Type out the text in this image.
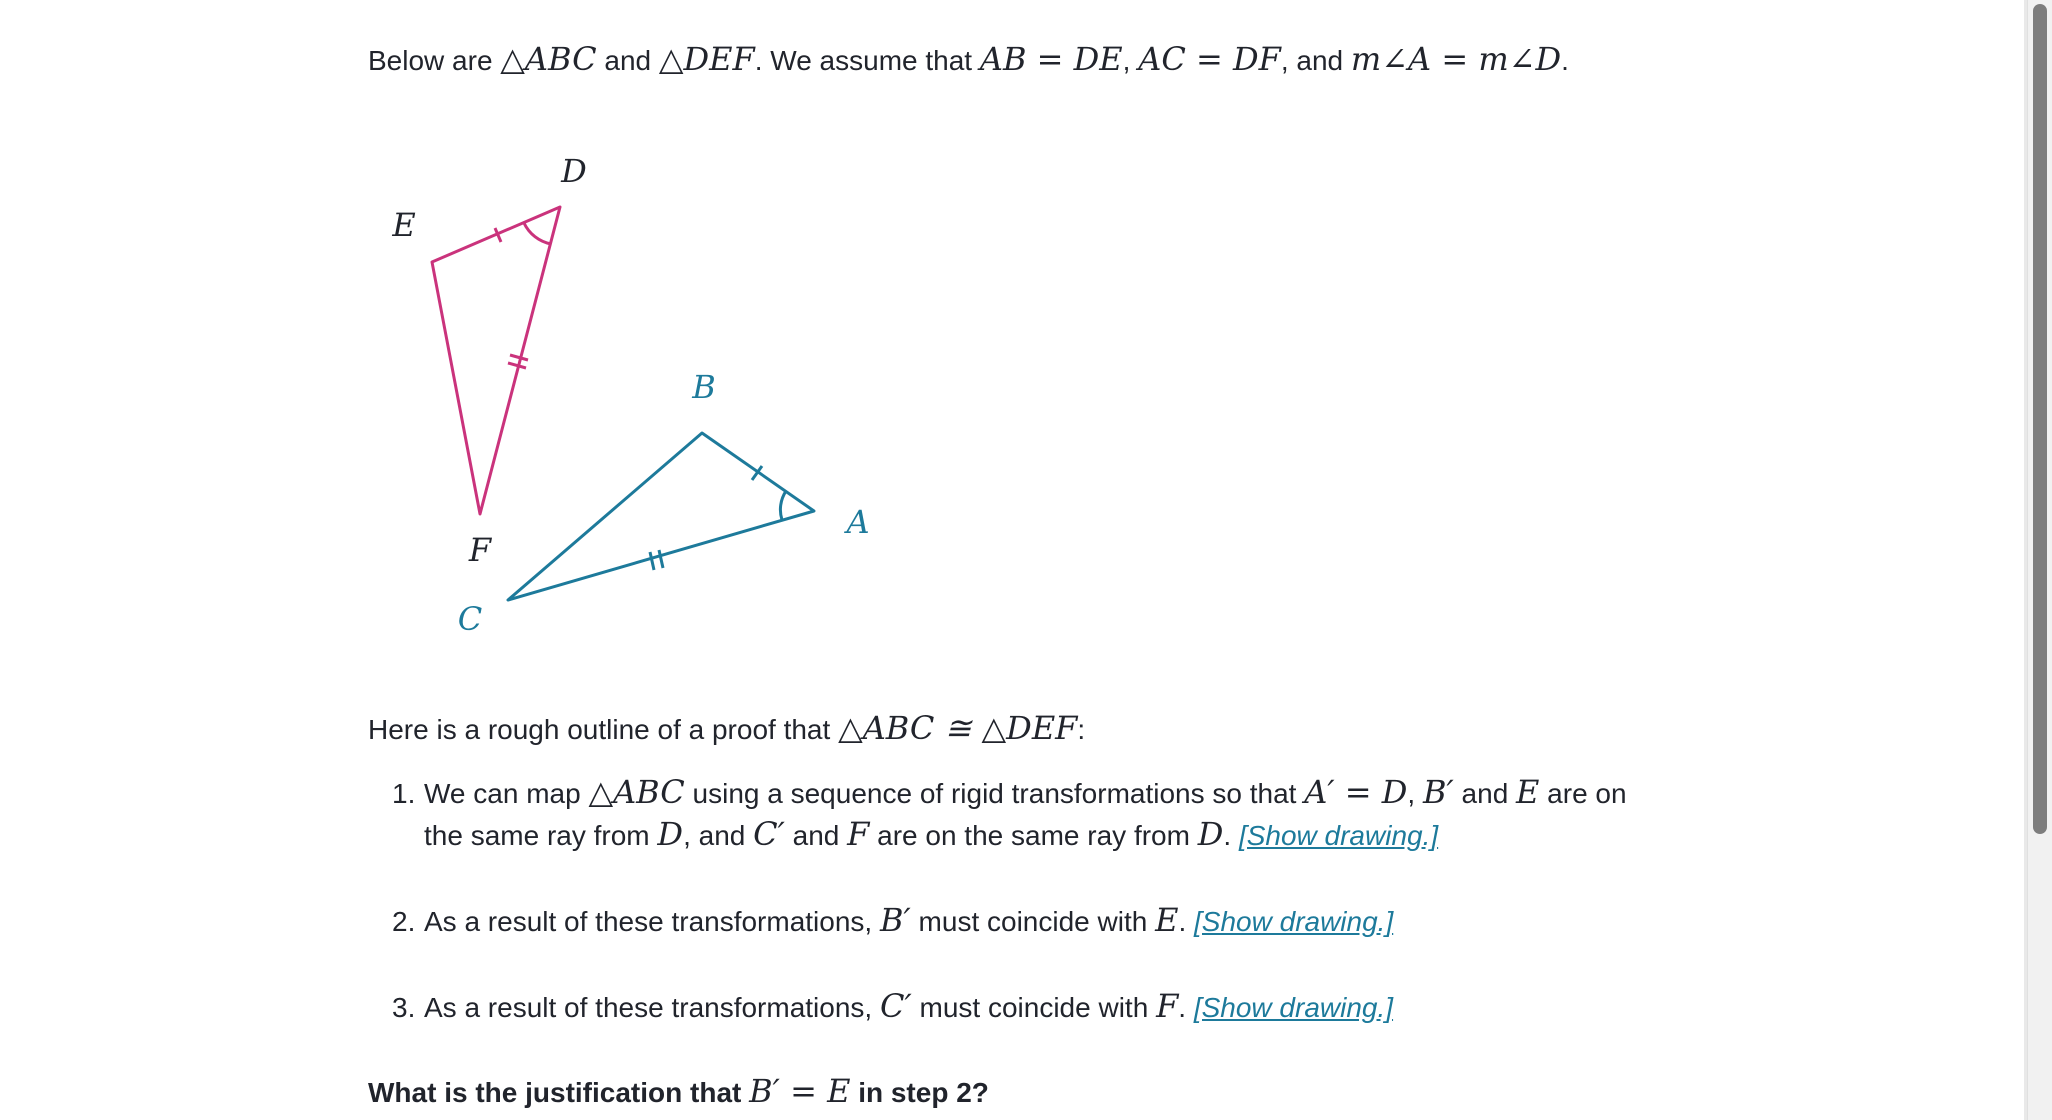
Below are △ABC and △DEF. We assume that AB = DE, AC = DF, and m∠A = m∠D.
Here is a rough outline of a proof that △ABC ≅ △DEF:
1. We can map △ABC using a sequence of rigid transformations so that A′ = D, B′ and E are on
the same ray from D, and C′ and F are on the same ray from D. [Show drawing.]
2. As a result of these transformations, B′ must coincide with E. [Show drawing.]
3. As a result of these transformations, C′ must coincide with F. [Show drawing.]
What is the justification that B′ = E in step 2?
D
E
F
B
A
C
